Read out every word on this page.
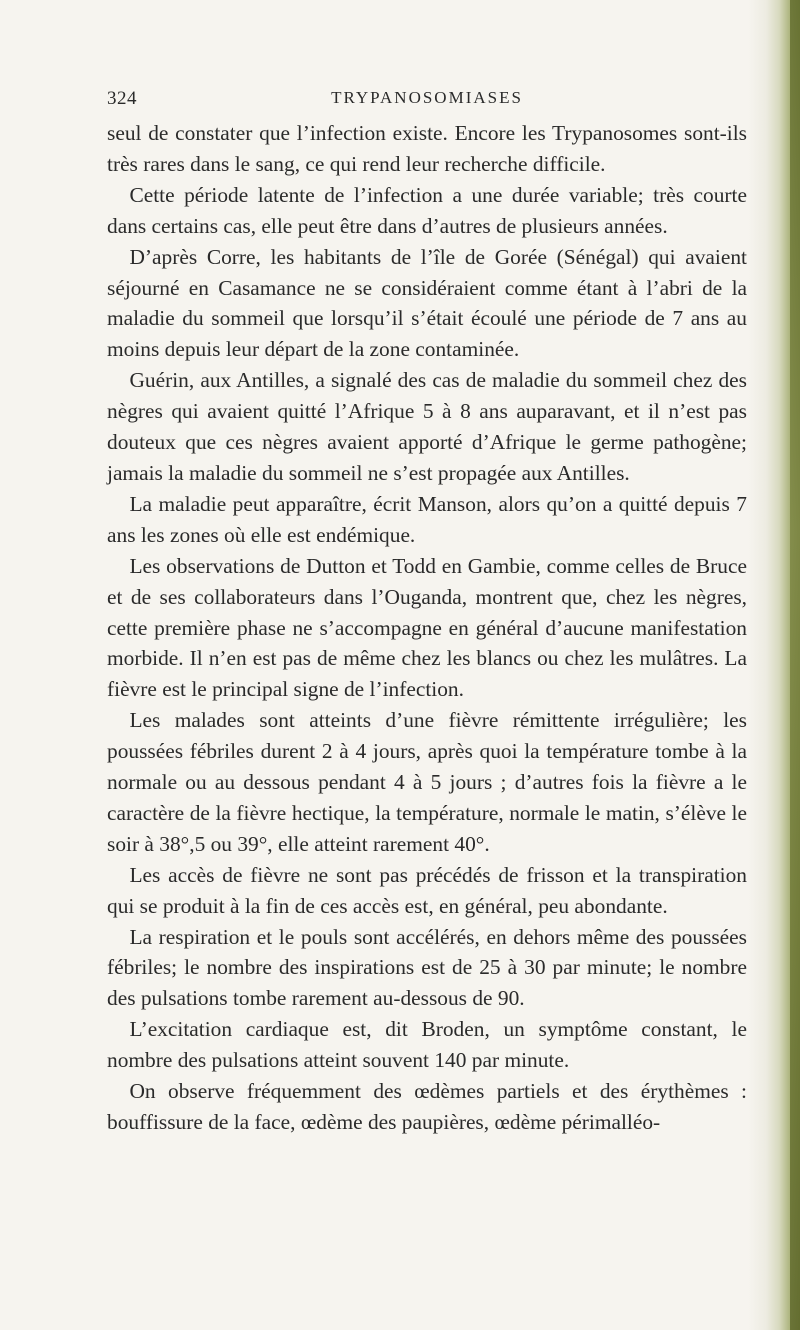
324	TRYPANOSOMIASES

seul de constater que l’infection existe. Encore les Trypanosomes sont-ils très rares dans le sang, ce qui rend leur recherche difficile.

Cette période latente de l’infection a une durée variable; très courte dans certains cas, elle peut être dans d’autres de plusieurs années.

D’après Corre, les habitants de l’île de Gorée (Sénégal) qui avaient séjourné en Casamance ne se considéraient comme étant à l’abri de la maladie du sommeil que lorsqu’il s’était écoulé une période de 7 ans au moins depuis leur départ de la zone contaminée.

Guérin, aux Antilles, a signalé des cas de maladie du sommeil chez des nègres qui avaient quitté l’Afrique 5 à 8 ans auparavant, et il n’est pas douteux que ces nègres avaient apporté d’Afrique le germe pathogène; jamais la maladie du sommeil ne s’est propagée aux Antilles.

La maladie peut apparaître, écrit Manson, alors qu’on a quitté depuis 7 ans les zones où elle est endémique.

Les observations de Dutton et Todd en Gambie, comme celles de Bruce et de ses collaborateurs dans l’Ouganda, montrent que, chez les nègres, cette première phase ne s’accompagne en général d’aucune manifestation morbide. Il n’en est pas de même chez les blancs ou chez les mulâtres. La fièvre est le principal signe de l’infection.

Les malades sont atteints d’une fièvre rémittente irrégulière; les poussées fébriles durent 2 à 4 jours, après quoi la température tombe à la normale ou au dessous pendant 4 à 5 jours ; d’autres fois la fièvre a le caractère de la fièvre hectique, la température, normale le matin, s’élève le soir à 38°,5 ou 39°, elle atteint rarement 40°.

Les accès de fièvre ne sont pas précédés de frisson et la transpiration qui se produit à la fin de ces accès est, en général, peu abondante.

La respiration et le pouls sont accélérés, en dehors même des poussées fébriles; le nombre des inspirations est de 25 à 30 par minute; le nombre des pulsations tombe rarement au-dessous de 90.

L’excitation cardiaque est, dit Broden, un symptôme constant, le nombre des pulsations atteint souvent 140 par minute.

On observe fréquemment des œdèmes partiels et des érythèmes : bouffissure de la face, œdème des paupières, œdème périmalléo-
